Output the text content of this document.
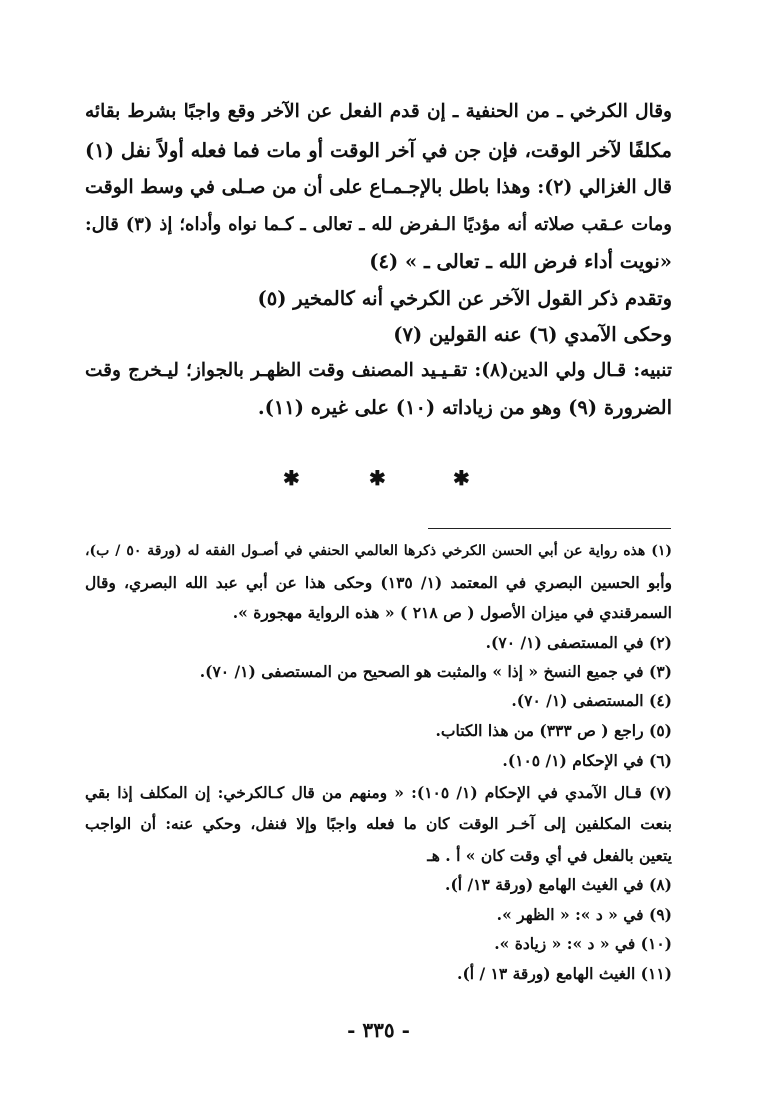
وقال الكرخي ـ من الحنفية ـ إن قدم الفعل عن الآخر وقع واجبًا بشرط بقائه
مكلفًا لآخر الوقت، فإن جن في آخر الوقت أو مات فما فعله أولاً نفل (١)
قال الغزالي (٢): وهذا باطل بالإجـمـاع على أن من صـلى في وسط الوقت
ومات عـقب صلاته أنه مؤديًا الـفرض لله ـ تعالى ـ كـما نواه وأداه؛ إذ (٣) قال:
«نويت أداء فرض الله ـ تعالى ـ » (٤)
وتقدم ذكر القول الآخر عن الكرخي أنه كالمخير (٥)
وحكى الآمدي (٦) عنه القولين (٧)
تنبيه: قـال ولي الدين(٨): تقـيـيد المصنف وقت الظهـر بالجواز؛ ليـخرج وقت
الضرورة (٩) وهو من زياداته (١٠) على غيره (١١).
✱	✱	✱
(١) هذه رواية عن أبي الحسن الكرخي ذكرها العالمي الحنفي في أصـول الفقه له (ورقة ٥٠ / ب)،
وأبو الحسين البصري في المعتمد (١/ ١٣٥) وحكى هذا عن أبي عبد الله البصري، وقال
السمرقندي في ميزان الأصول ( ص ٢١٨ ) « هذه الرواية مهجورة ».
(٢) في المستصفى (١/ ٧٠).
(٣) في جميع النسخ « إذا » والمثبت هو الصحيح من المستصفى (١/ ٧٠).
(٤) المستصفى (١/ ٧٠).
(٥) راجع ( ص ٣٣٣) من هذا الكتاب.
(٦) في الإحكام (١/ ١٠٥).
(٧) قـال الآمدي في الإحكام (١/ ١٠٥): « ومنهم من قال كـالكرخي: إن المكلف إذا بقي
بنعت المكلفين إلى آخـر الوقت كان ما فعله واجبًا وإلا فنفل، وحكي عنه: أن الواجب
يتعين بالفعل في أي وقت كان » أ . هـ
(٨) في الغيث الهامع (ورقة ١٣/ أ).
(٩) في « د »: « الظهر ».
(١٠) في « د »: « زيادة ».
(١١) الغيث الهامع (ورقة ١٣ / أ).
- ٣٣٥ -
